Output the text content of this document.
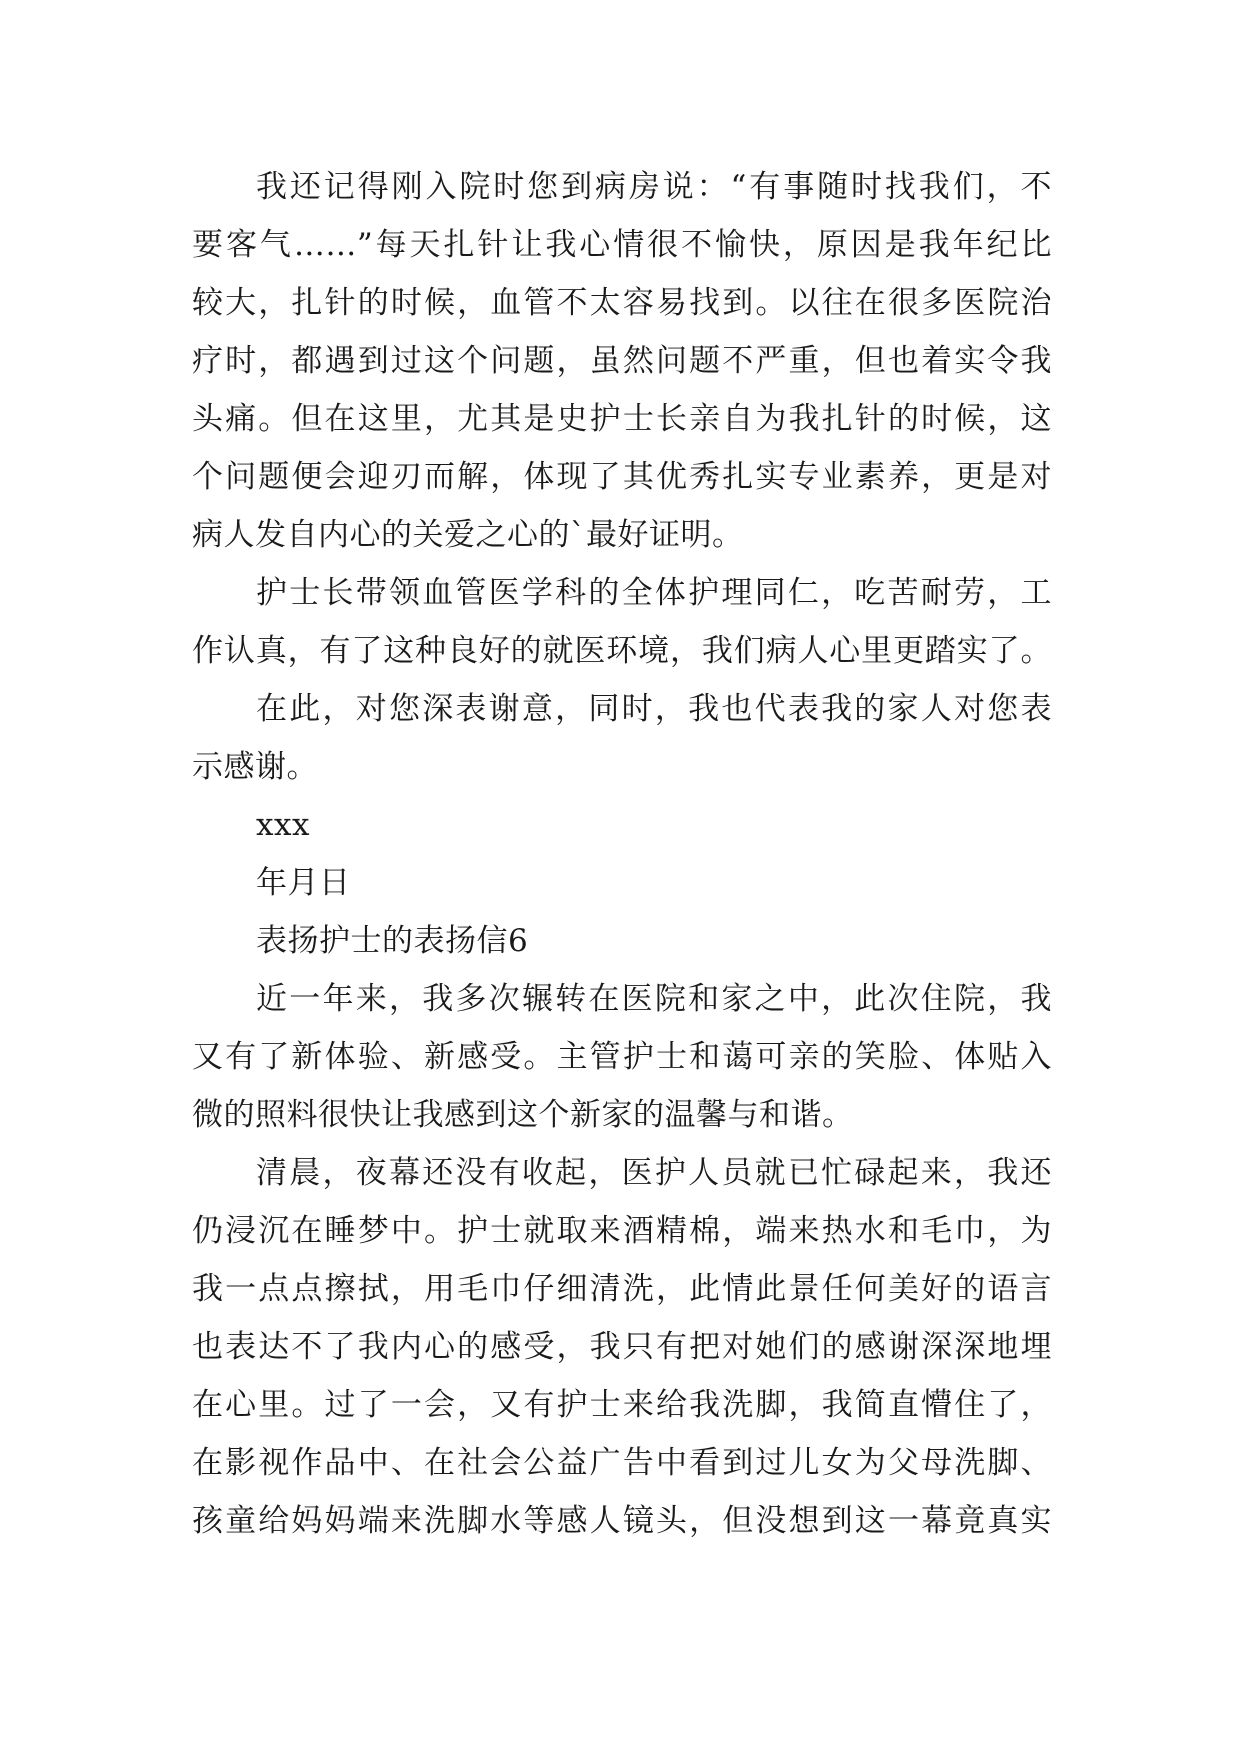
我还记得刚入院时您到病房说：“有事随时找我们，不
要客气……”每天扎针让我心情很不愉快，原因是我年纪比
较大，扎针的时候，血管不太容易找到。以往在很多医院治
疗时，都遇到过这个问题，虽然问题不严重，但也着实令我
头痛。但在这里，尤其是史护士长亲自为我扎针的时候，这
个问题便会迎刃而解，体现了其优秀扎实专业素养，更是对
病人发自内心的关爱之心的`最好证明。
护士长带领血管医学科的全体护理同仁，吃苦耐劳，工
作认真，有了这种良好的就医环境，我们病人心里更踏实了。
在此，对您深表谢意，同时，我也代表我的家人对您表
示感谢。
xxx
年月日
表扬护士的表扬信6
近一年来，我多次辗转在医院和家之中，此次住院，我
又有了新体验、新感受。主管护士和蔼可亲的笑脸、体贴入
微的照料很快让我感到这个新家的温馨与和谐。
清晨，夜幕还没有收起，医护人员就已忙碌起来，我还
仍浸沉在睡梦中。护士就取来酒精棉，端来热水和毛巾，为
我一点点擦拭，用毛巾仔细清洗，此情此景任何美好的语言
也表达不了我内心的感受，我只有把对她们的感谢深深地埋
在心里。过了一会，又有护士来给我洗脚，我简直懵住了，
在影视作品中、在社会公益广告中看到过儿女为父母洗脚、
孩童给妈妈端来洗脚水等感人镜头，但没想到这一幕竟真实
